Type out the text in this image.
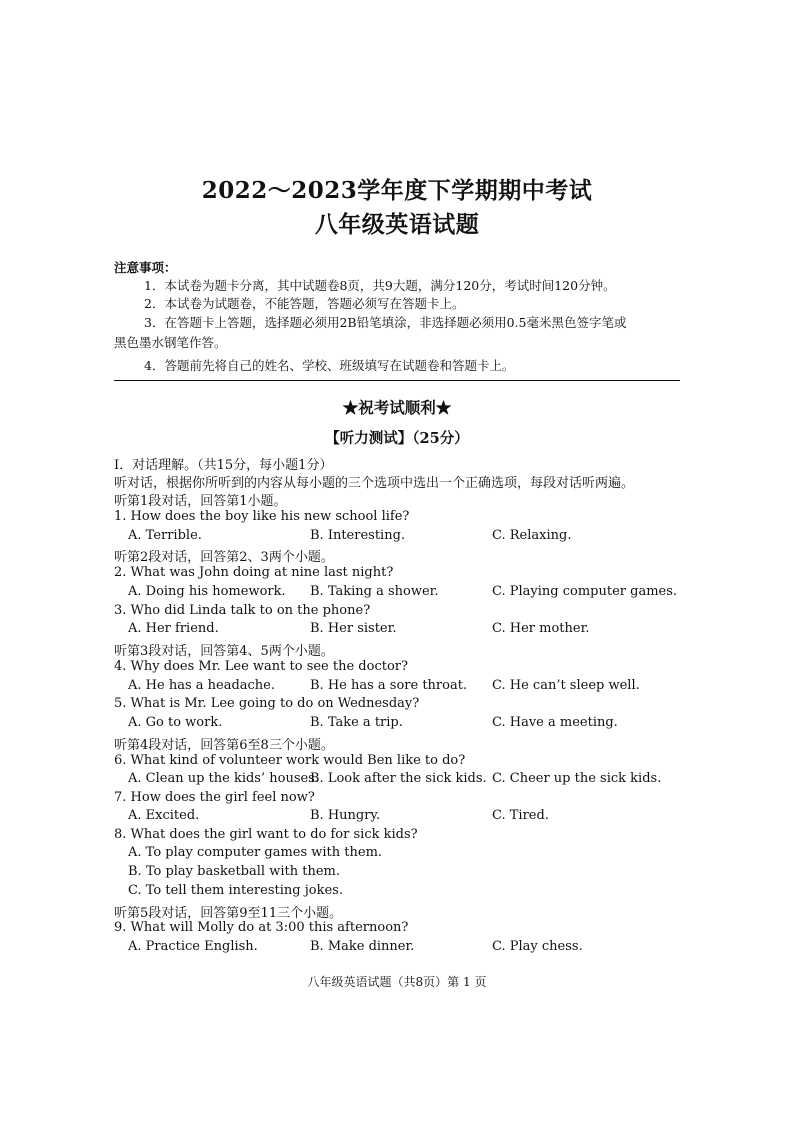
2022～2023学年度下学期期中考试
八年级英语试题
注意事项：
1．本试卷为题卡分离，其中试题卷8页，共9大题，满分120分，考试时间120分钟。
2．本试卷为试题卷，不能答题，答题必须写在答题卡上。
3．在答题卡上答题，选择题必须用2B铅笔填涂，非选择题必须用0.5毫米黑色签字笔或
黑色墨水钢笔作答。
4．答题前先将自己的姓名、学校、班级填写在试题卷和答题卡上。
★祝考试顺利★
【听力测试】（25分）
Ⅰ．对话理解。（共15分，每小题1分）
听对话，根据你所听到的内容从每小题的三个选项中选出一个正确选项，每段对话听两遍。
听第1段对话，回答第1小题。
1. How does the boy like his new school life?
A. Terrible.	B. Interesting.	C. Relaxing.
听第2段对话，回答第2、3两个小题。
2. What was John doing at nine last night?
A. Doing his homework. B. Taking a shower.	C. Playing computer games.
3. Who did Linda talk to on the phone?
A. Her friend.	B. Her sister.	C. Her mother.
听第3段对话，回答第4、5两个小题。
4. Why does Mr. Lee want to see the doctor?
A. He has a headache.	B. He has a sore throat. C. He can’t sleep well.
5. What is Mr. Lee going to do on Wednesday?
A. Go to work.	B. Take a trip.	C. Have a meeting.
听第4段对话，回答第6至8三个小题。
6. What kind of volunteer work would Ben like to do?
A. Clean up the kids’ houses.
B. Look after the sick kids. C. Cheer up the sick kids.
7. How does the girl feel now?
A. Excited.	B. Hungry.	C. Tired.
8. What does the girl want to do for sick kids?
A. To play computer games with them.
B. To play basketball with them.
C. To tell them interesting jokes.
听第5段对话，回答第9至11三个小题。
9. What will Molly do at 3:00 this afternoon?
A. Practice English.	B. Make dinner.	C. Play chess.
八年级英语试题（共8页）第 1 页
